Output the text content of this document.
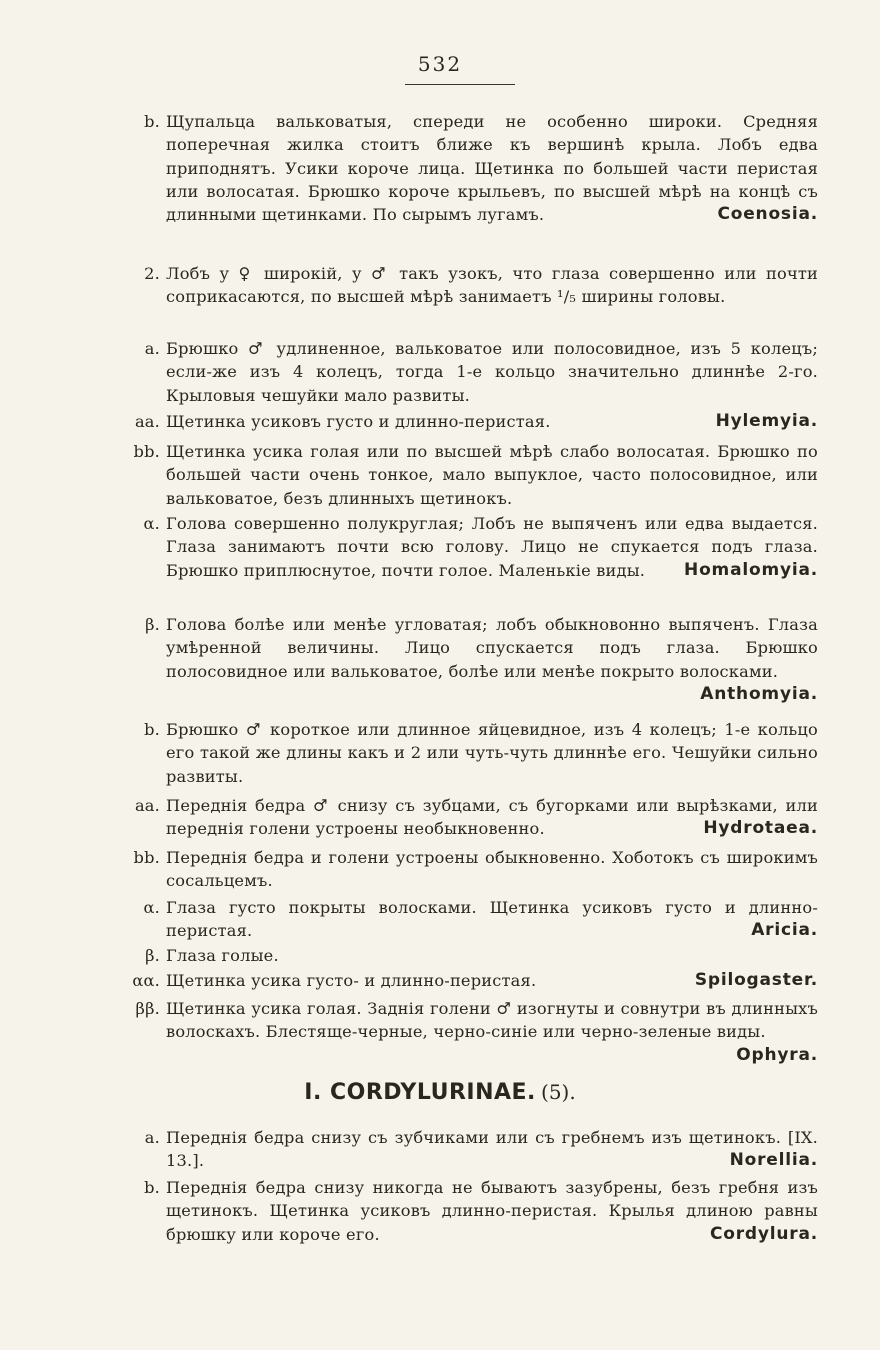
532
b. Щупальца вальковатыя, спереди не особенно широки. Средняя поперечная жилка стоитъ ближе къ вершинѣ крыла. Лобъ едва приподнятъ. Усики короче лица. Щетинка по большей части перистая или волосатая. Брюшко короче крыльевъ, по высшей мѣрѣ на концѣ съ длинными щетинками. По сырымъ лугамъ.	Coenosia.
2. Лобъ у ♀ широкій, у ♂ такъ узокъ, что глаза совершенно или почти соприкасаются, по высшей мѣрѣ занимаетъ ¹/₅ ширины головы.
a. Брюшко ♂ удлиненное, вальковатое или полосовидное, изъ 5 колецъ; если-же изъ 4 колецъ, тогда 1-е кольцо значительно длиннѣе 2-го. Крыловыя чешуйки мало развиты.
aa. Щетинка усиковъ густо и длинно-перистая.	Hylemyia.
bb. Щетинка усика голая или по высшей мѣрѣ слабо волосатая. Брюшко по большей части очень тонкое, мало выпуклое, часто полосовидное, или вальковатое, безъ длинныхъ щетинокъ.
α. Голова совершенно полукруглая; Лобъ не выпяченъ или едва выдается. Глаза занимаютъ почти всю голову. Лицо не спукается подъ глаза. Брюшко приплюснутое, почти голое. Маленькіе виды. Homalomyia.
β. Голова болѣе или менѣе угловатая; лобъ обыкновонно выпяченъ. Глаза умѣренной величины. Лицо спускается подъ глаза. Брюшко полосовидное или вальковатое, болѣе или менѣе покрыто волосками.
Anthomyia.
b. Брюшко ♂ короткое или длинное яйцевидное, изъ 4 колецъ; 1-е кольцо его такой же длины какъ и 2 или чуть-чуть длиннѣе его. Чешуйки сильно развиты.
aa. Переднія бедра ♂ снизу съ зубцами, съ бугорками или вырѣзками, или переднія голени устроены необыкновенно.	Hydrotaea.
bb. Переднія бедра и голени устроены обыкновенно. Хоботокъ съ широкимъ сосальцемъ.
α. Глаза густо покрыты волосками. Щетинка усиковъ густо и длинно-перистая.	Aricia.
β. Глаза голые.
αα. Щетинка усика густо- и длинно-перистая.	Spilogaster.
ββ. Щетинка усика голая. Заднія голени ♂ изогнуты и совнутри въ длинныхъ волоскахъ. Блестяще-черные, черно-синіе или черно-зеленые виды.
Ophyra.
I. CORDYLURINAE. (5).
a. Переднія бедра снизу съ зубчиками или съ гребнемъ изъ щетинокъ. [IX. 13.].	Norellia.
b. Переднія бедра снизу никогда не бываютъ зазубрены, безъ гребня изъ щетинокъ. Щетинка усиковъ длинно-перистая. Крылья длиною равны брюшку или короче его.	Cordylura.
